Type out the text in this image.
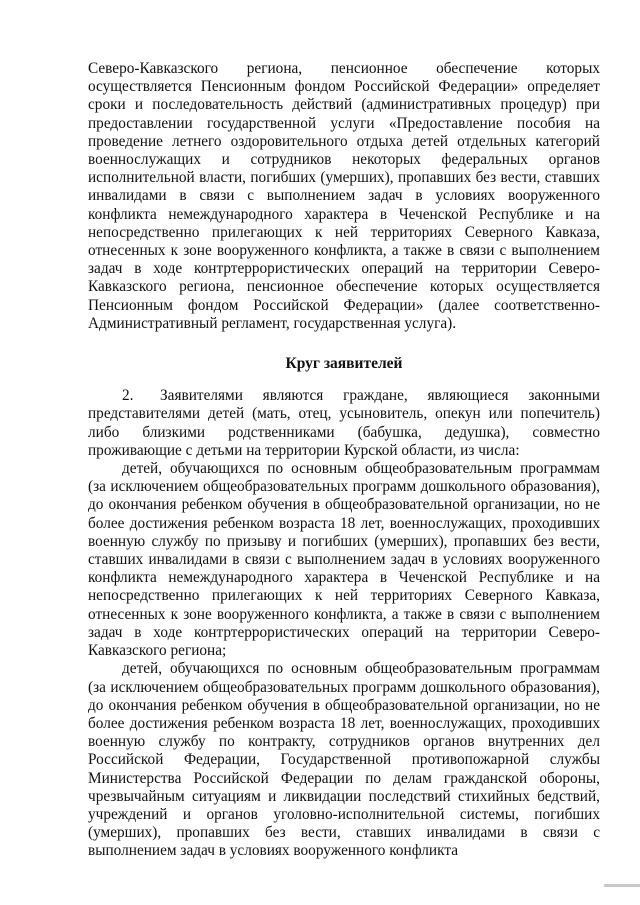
Северо-Кавказского региона, пенсионное обеспечение которых осуществляется Пенсионным фондом Российской Федерации» определяет сроки и последовательность действий (административных процедур) при предоставлении государственной услуги «Предоставление пособия на проведение летнего оздоровительного отдыха детей отдельных категорий военнослужащих и сотрудников некоторых федеральных органов исполнительной власти, погибших (умерших), пропавших без вести, ставших инвалидами в связи с выполнением задач в условиях вооруженного конфликта немеждународного характера в Чеченской Республике и на непосредственно прилегающих к ней территориях Северного Кавказа, отнесенных к зоне вооруженного конфликта, а также в связи с выполнением задач в ходе контртеррористических операций на территории Северо-Кавказского региона, пенсионное обеспечение которых осуществляется Пенсионным фондом Российской Федерации» (далее соответственно- Административный регламент, государственная услуга).

Круг заявителей

2. Заявителями являются граждане, являющиеся законными представителями детей (мать, отец, усыновитель, опекун или попечитель) либо близкими родственниками (бабушка, дедушка), совместно проживающие с детьми на территории Курской области, из числа:

детей, обучающихся по основным общеобразовательным программам (за исключением общеобразовательных программ дошкольного образования), до окончания ребенком обучения в общеобразовательной организации, но не более достижения ребенком возраста 18 лет, военнослужащих, проходивших военную службу по призыву и погибших (умерших), пропавших без вести, ставших инвалидами в связи с выполнением задач в условиях вооруженного конфликта немеждународного характера в Чеченской Республике и на непосредственно прилегающих к ней территориях Северного Кавказа, отнесенных к зоне вооруженного конфликта, а также в связи с выполнением задач в ходе контртеррористических операций на территории Северо-Кавказского региона;

детей, обучающихся по основным общеобразовательным программам (за исключением общеобразовательных программ дошкольного образования), до окончания ребенком обучения в общеобразовательной организации, но не более достижения ребенком возраста 18 лет, военнослужащих, проходивших военную службу по контракту, сотрудников органов внутренних дел Российской Федерации, Государственной противопожарной службы Министерства Российской Федерации по делам гражданской обороны, чрезвычайным ситуациям и ликвидации последствий стихийных бедствий, учреждений и органов уголовно-исполнительной системы, погибших (умерших), пропавших без вести, ставших инвалидами в связи с выполнением задач в условиях вооруженного конфликта
